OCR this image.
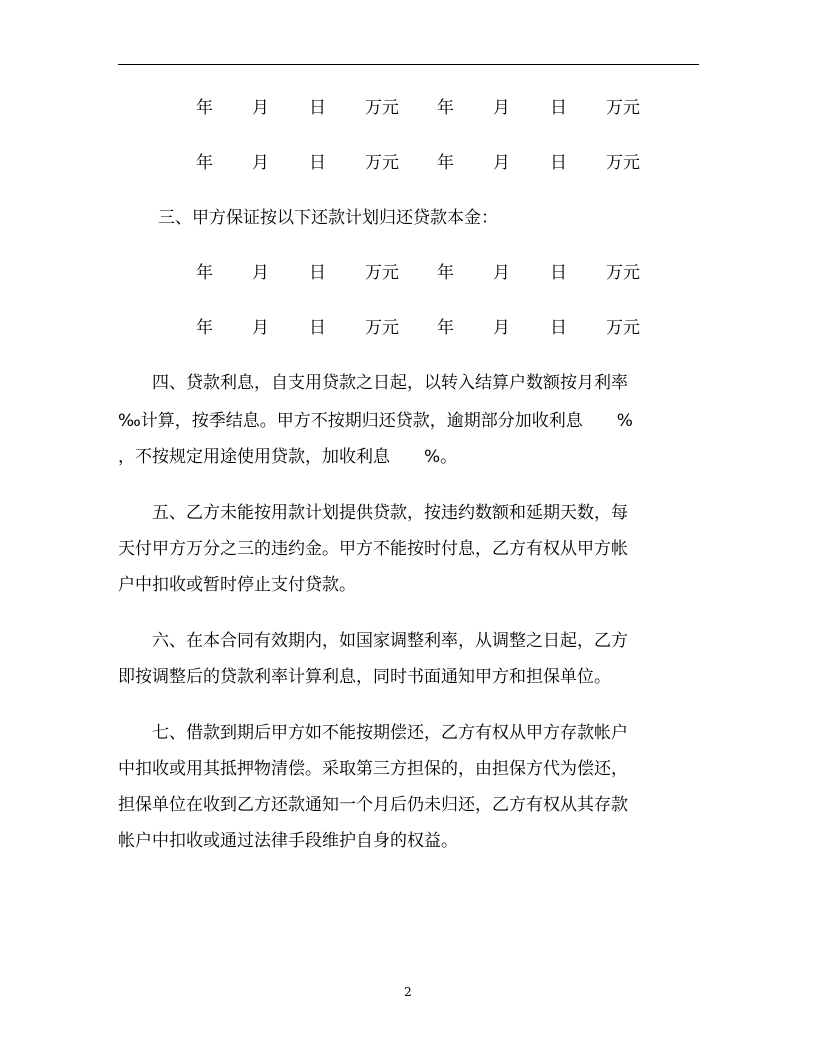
年 月 日 万元 年 月 日 万元
年 月 日 万元 年 月 日 万元
三、甲方保证按以下还款计划归还贷款本金：
年 月 日 万元 年 月 日 万元
年 月 日 万元 年 月 日 万元
　　四、贷款利息，自支用贷款之日起，以转入结算户数额按月利率
‰计算，按季结息。甲方不按期归还贷款，逾期部分加收利息　　%
，不按规定用途使用贷款，加收利息　　%。
　　五、乙方未能按用款计划提供贷款，按违约数额和延期天数，每
天付甲方万分之三的违约金。甲方不能按时付息，乙方有权从甲方帐
户中扣收或暂时停止支付贷款。
　　六、在本合同有效期内，如国家调整利率，从调整之日起，乙方
即按调整后的贷款利率计算利息，同时书面通知甲方和担保单位。
　　七、借款到期后甲方如不能按期偿还，乙方有权从甲方存款帐户
中扣收或用其抵押物清偿。采取第三方担保的，由担保方代为偿还，
担保单位在收到乙方还款通知一个月后仍未归还，乙方有权从其存款
帐户中扣收或通过法律手段维护自身的权益。
2
